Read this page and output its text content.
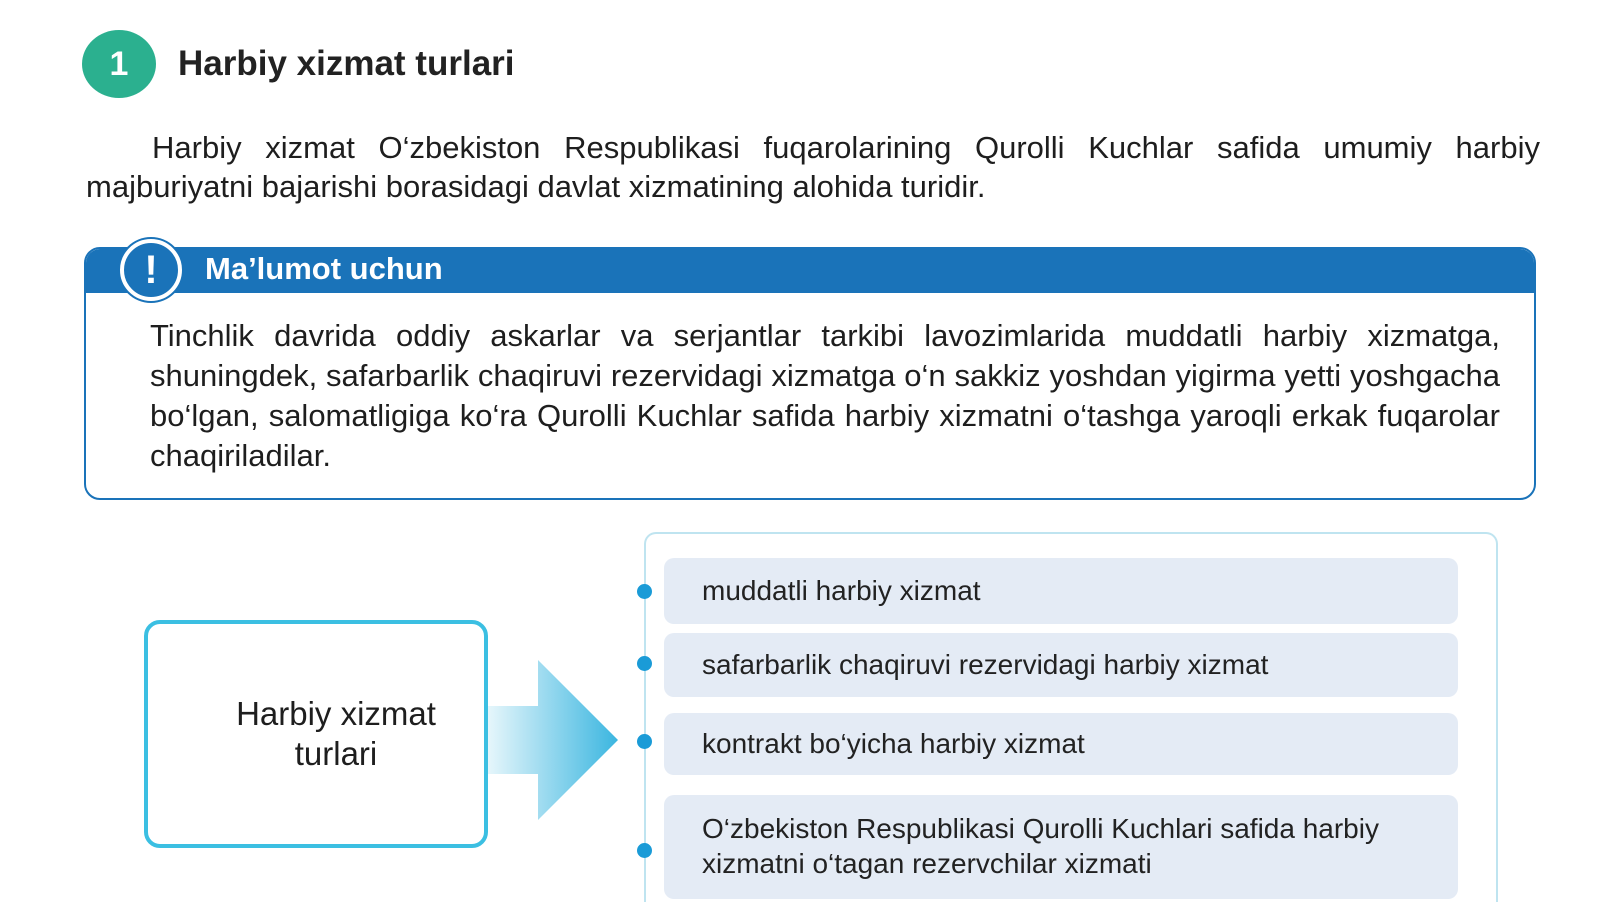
1 Harbiy xizmat turlari

Harbiy xizmat O‘zbekiston Respublikasi fuqarolarining Qurolli Kuchlar safida umumiy harbiy majburiyatni bajarishi borasidagi davlat xizmatining alohida turidir.

! Ma’lumot uchun

Tinchlik davrida oddiy askarlar va serjantlar tarkibi lavozimlarida muddatli harbiy xizmatga, shuningdek, safarbarlik chaqiruvi rezervidagi xizmatga o‘n sakkiz yoshdan yigirma yetti yoshgacha bo‘lgan, salomatligiga ko‘ra Qurolli Kuchlar safida harbiy xizmatni o‘tashga yaroqli erkak fuqarolar chaqiriladilar.

Harbiy xizmat turlari
muddatli harbiy xizmat
safarbarlik chaqiruvi rezervidagi harbiy xizmat
kontrakt bo‘yicha harbiy xizmat
O‘zbekiston Respublikasi Qurolli Kuchlari safida harbiy xizmatni o‘tagan rezervchilar xizmati
